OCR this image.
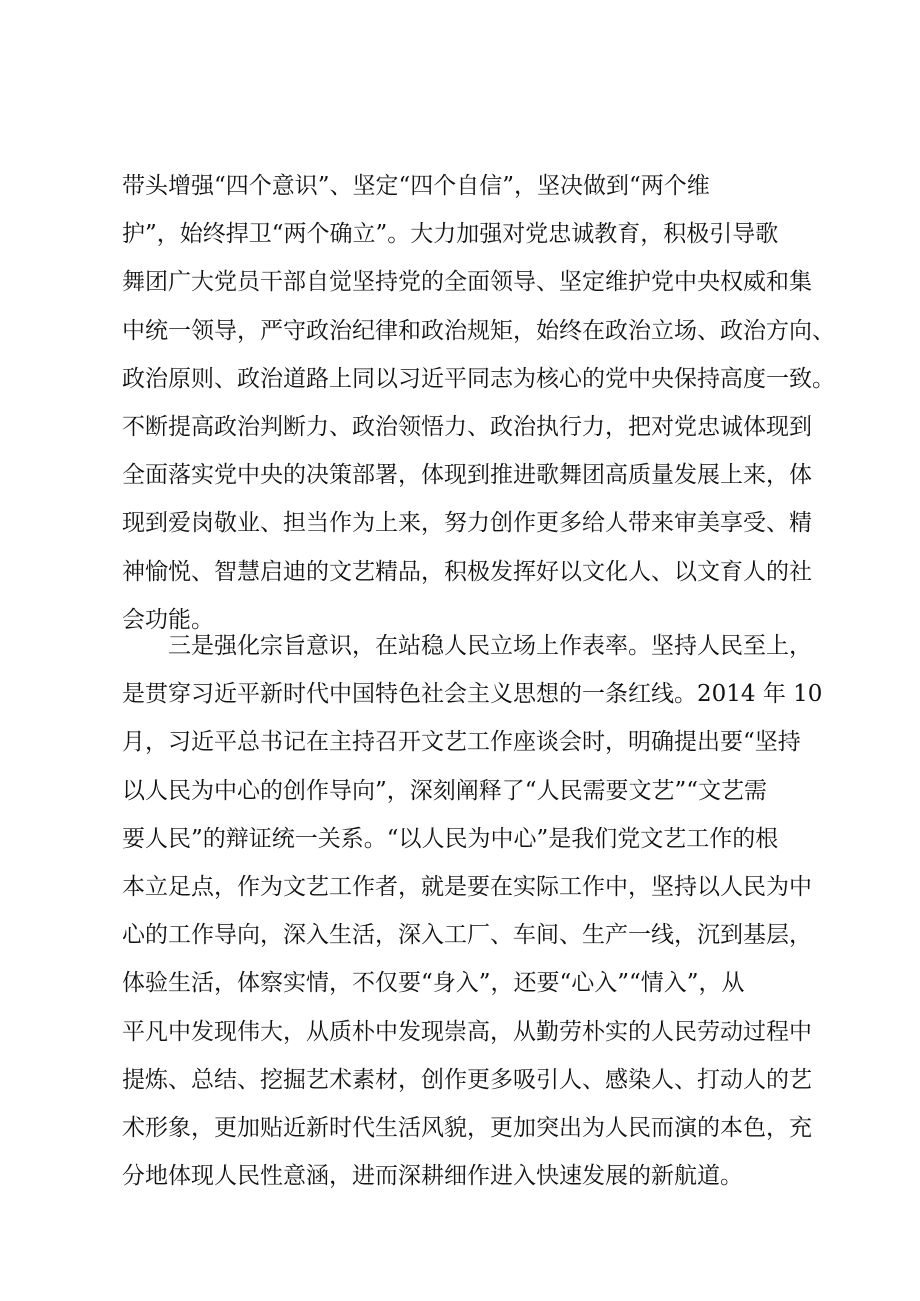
带头增强“四个意识”、坚定“四个自信”，坚决做到“两个维
护”，始终捍卫“两个确立”。大力加强对党忠诚教育，积极引导歌
舞团广大党员干部自觉坚持党的全面领导、坚定维护党中央权威和集
中统一领导，严守政治纪律和政治规矩，始终在政治立场、政治方向、
政治原则、政治道路上同以习近平同志为核心的党中央保持高度一致。
不断提高政治判断力、政治领悟力、政治执行力，把对党忠诚体现到
全面落实党中央的决策部署，体现到推进歌舞团高质量发展上来，体
现到爱岗敬业、担当作为上来，努力创作更多给人带来审美享受、精
神愉悦、智慧启迪的文艺精品，积极发挥好以文化人、以文育人的社
会功能。
　　三是强化宗旨意识，在站稳人民立场上作表率。坚持人民至上，
是贯穿习近平新时代中国特色社会主义思想的一条红线。2014 年 10
月，习近平总书记在主持召开文艺工作座谈会时，明确提出要“坚持
以人民为中心的创作导向”，深刻阐释了“人民需要文艺”“文艺需
要人民”的辩证统一关系。“以人民为中心”是我们党文艺工作的根
本立足点，作为文艺工作者，就是要在实际工作中，坚持以人民为中
心的工作导向，深入生活，深入工厂、车间、生产一线，沉到基层，
体验生活，体察实情，不仅要“身入”，还要“心入”“情入”，从
平凡中发现伟大，从质朴中发现崇高，从勤劳朴实的人民劳动过程中
提炼、总结、挖掘艺术素材，创作更多吸引人、感染人、打动人的艺
术形象，更加贴近新时代生活风貌，更加突出为人民而演的本色，充
分地体现人民性意涵，进而深耕细作进入快速发展的新航道。
